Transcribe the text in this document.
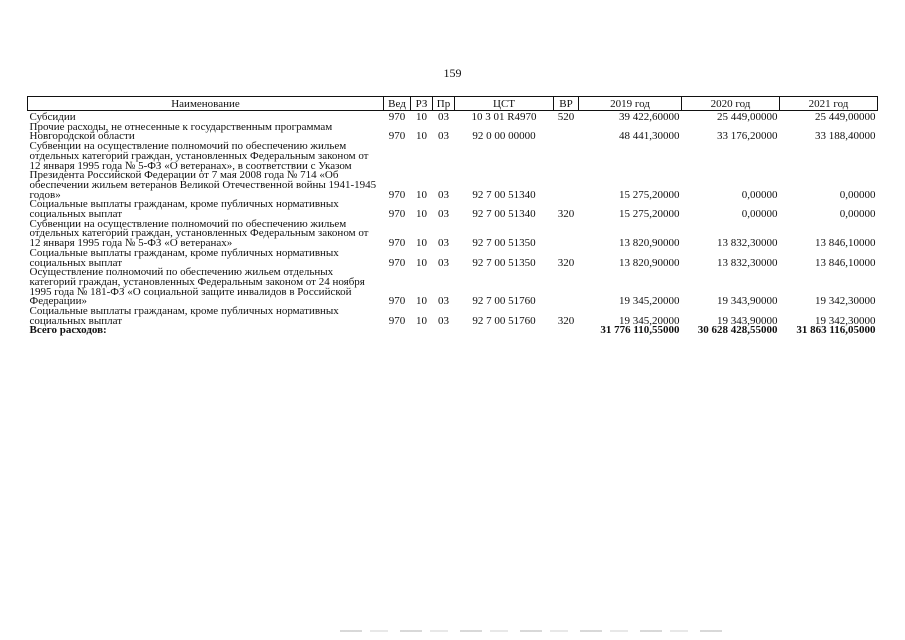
159
Наименование	Вед	РЗ	Пр	ЦСТ	ВР	2019 год	2020 год	2021 год
Субсидии	970	10	03	10 3 01 R4970	520	39 422,60000	25 449,00000	25 449,00000
Прочие расходы, не отнесенные к государственным программам Новгородской области	970	10	03	92 0 00 00000		48 441,30000	33 176,20000	33 188,40000
Субвенции на осуществление полномочий по обеспечению жильем отдельных категорий граждан, установленных Федеральным законом от 12 января 1995 года № 5-ФЗ «О ветеранах», в соответствии с Указом Президента Российской Федерации от 7 мая 2008 года № 714 «Об обеспечении жильем ветеранов Великой Отечественной войны 1941-1945 годов»	970	10	03	92 7 00 51340		15 275,20000	0,00000	0,00000
Социальные выплаты гражданам, кроме публичных нормативных социальных выплат	970	10	03	92 7 00 51340	320	15 275,20000	0,00000	0,00000
Субвенции на осуществление полномочий по обеспечению жильем отдельных категорий граждан, установленных Федеральным законом от 12 января 1995 года № 5-ФЗ «О ветеранах»	970	10	03	92 7 00 51350		13 820,90000	13 832,30000	13 846,10000
Социальные выплаты гражданам, кроме публичных нормативных социальных выплат	970	10	03	92 7 00 51350	320	13 820,90000	13 832,30000	13 846,10000
Осуществление полномочий по обеспечению жильем отдельных категорий граждан, установленных Федеральным законом от 24 ноября 1995 года № 181-ФЗ «О социальной защите инвалидов в Российской Федерации»	970	10	03	92 7 00 51760		19 345,20000	19 343,90000	19 342,30000
Социальные выплаты гражданам, кроме публичных нормативных социальных выплат	970	10	03	92 7 00 51760	320	19 345,20000	19 343,90000	19 342,30000
Всего расходов:						31 776 110,55000	30 628 428,55000	31 863 116,05000
